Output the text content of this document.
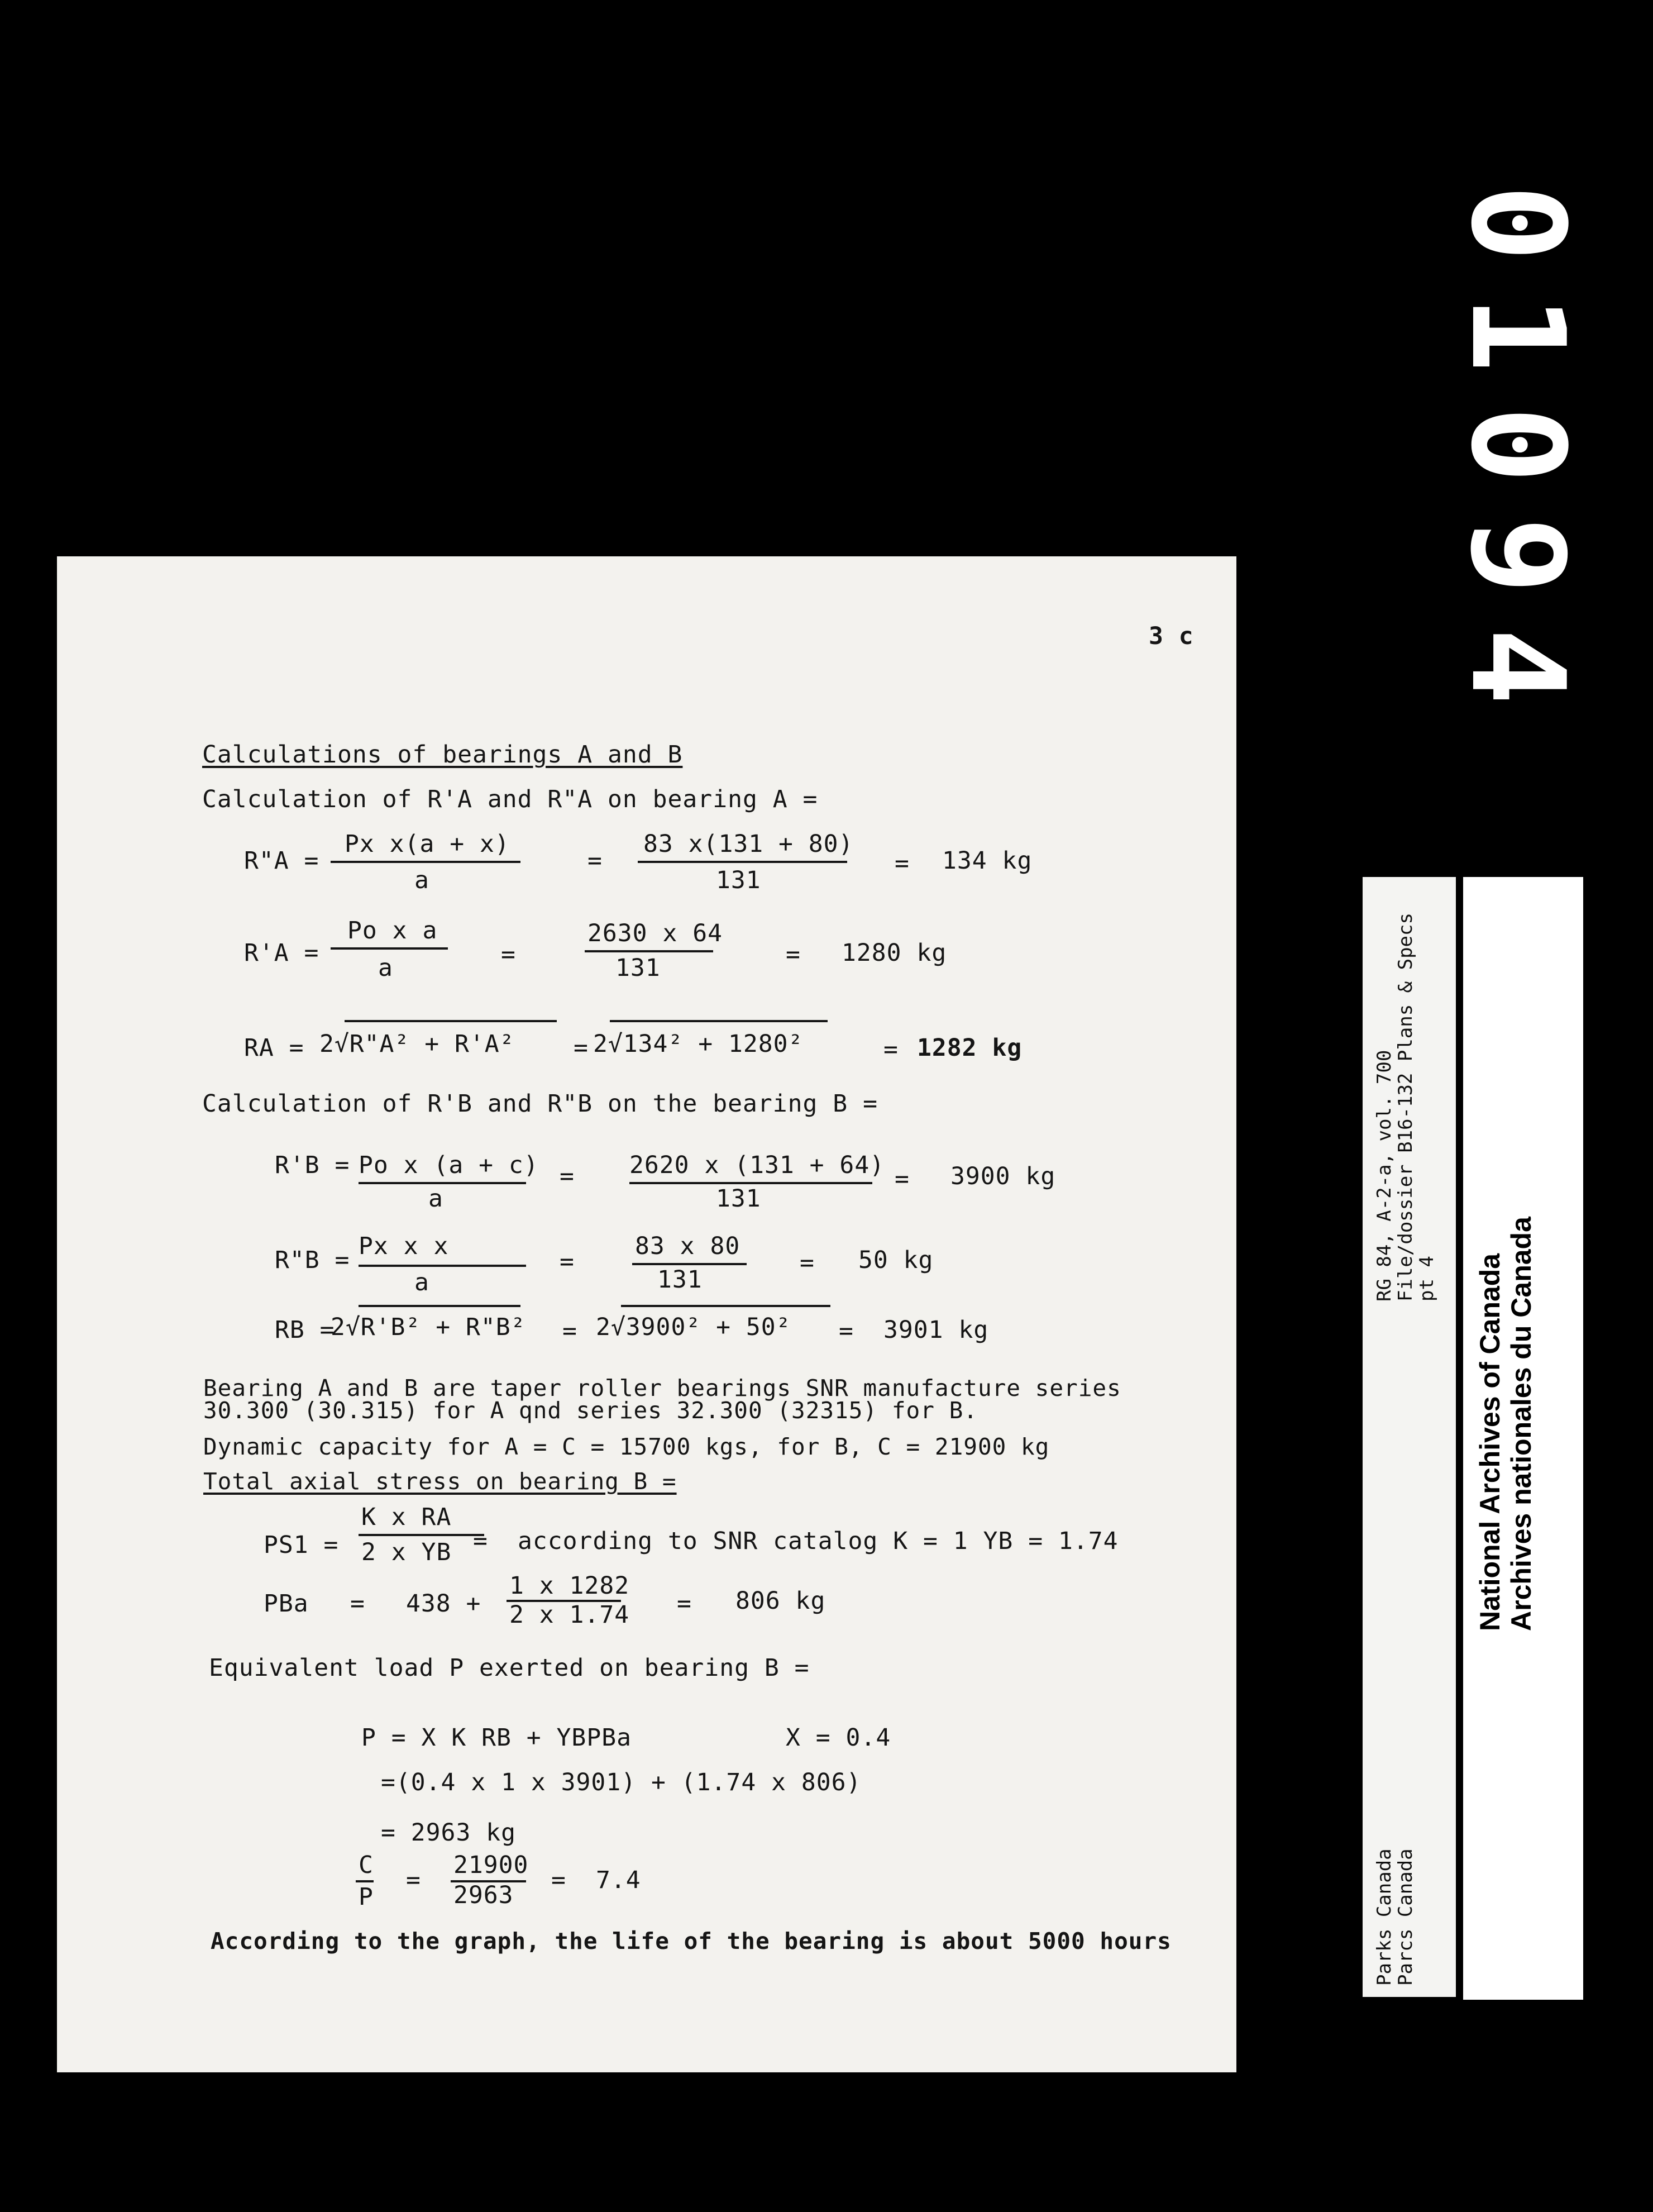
01094
3 c
Calculations of bearings A and B
Calculation of R'A and R"A on bearing A =
R"A =
Px x(a + x)
a
=
83 x(131 + 80)
131
= 134 kg
R'A =
Po x a
a	=
2630 x 64
131	= 1280 kg
RA = 2√R"A² + R'A² = 2√134² + 1280²	= 1282 kg
Calculation of R'B and R"B on the bearing B =
R'B = Po x (a + c)
a
= 2620 x (131 + 64)
131
= 3900 kg
R"B = Px x x
a
=
83 x 80
131
= 50 kg
RB =
2√R'B² + R"B² = 2√3900² + 50² = 3901 kg
Bearing A and B are taper roller bearings SNR manufacture series
30.300 (30.315) for A qnd series 32.300 (32315) for B.
Dynamic capacity for A = C = 15700 kgs, for B, C = 21900 kg
Total axial stress on bearing B =
PS1 =
K x RA
2 x YB = according to SNR catalog K = 1 YB = 1.74
PBa = 438 +
1 x 1282
2 x 1.74 = 806 kg
Equivalent load P exerted on bearing B =
P = X K RB + YBPBa	X = 0.4
=(0.4 x 1 x 3901) + (1.74 x 806)
= 2963 kg
C
P
=
21900
2963
= 7.4
According to the graph, the life of the bearing is about 5000 hours
RG 84, A-2-a, vol. 700
File/dossier B16-132 Plans & Specs
pt 4
Parks Canada
Parcs Canada
National Archives of Canada Archives nationales du Canada
